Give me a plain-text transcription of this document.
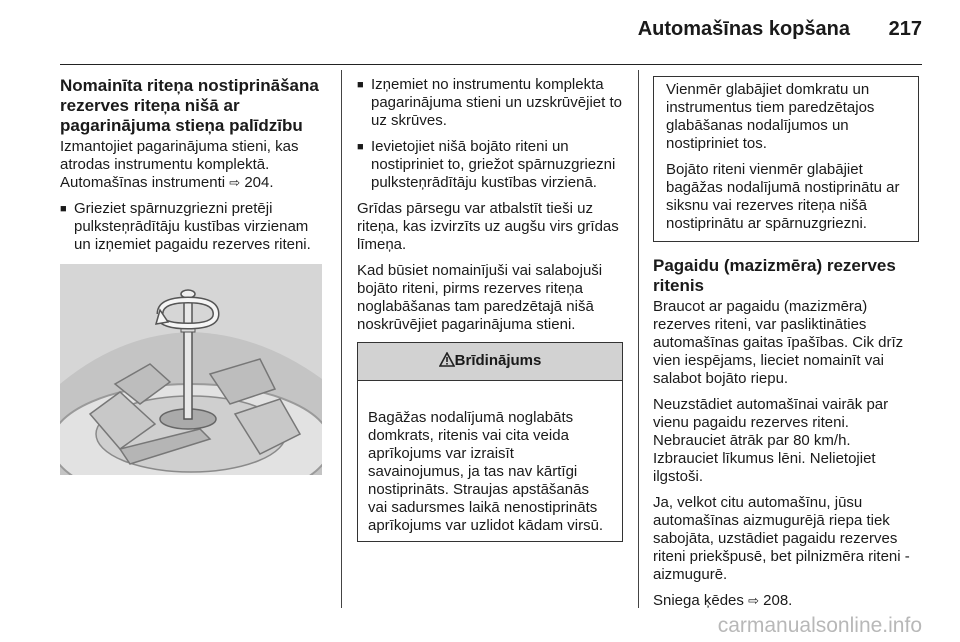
Automašīnas kopšana 217
Nomainīta riteņa nostiprināšana rezerves riteņa nišā ar pagarinājuma stieņa palīdzību

Izmantojiet pagarinājuma stieni, kas atrodas instrumentu komplektā. Automašīnas instrumenti ⇨ 204.

■ Grieziet spārnuzgriezni pretēji pulksteņrādītāju kustības virzienam un izņemiet pagaidu rezerves riteni.
■ Izņemiet no instrumentu komplekta pagarinājuma stieni un uzskrūvējiet to uz skrūves.
■ Ievietojiet nišā bojāto riteni un nostipriniet to, griežot spārnuzgriezni pulksteņrādītāju kustības virzienā.

Grīdas pārsegu var atbalstīt tieši uz riteņa, kas izvirzīts uz augšu virs grīdas līmeņa.

Kad būsiet nomainījuši vai salabojuši bojāto riteni, pirms rezerves riteņa noglabāšanas tam paredzētajā nišā noskrūvējiet pagarinājuma stieni.

Brīdinājums
Bagāžas nodalījumā noglabāts domkrats, ritenis vai cita veida aprīkojums var izraisīt savainojumus, ja tas nav kārtīgi nostiprināts. Straujas apstāšanās vai sadursmes laikā nenostiprināts aprīkojums var uzlidot kādam virsū.

Vienmēr glabājiet domkratu un instrumentus tiem paredzētajos glabāšanas nodalījumos un nostipriniet tos.

Bojāto riteni vienmēr glabājiet bagāžas nodalījumā nostiprinātu ar siksnu vai rezerves riteņa nišā nostiprinātu ar spārnuzgriezni.

Pagaidu (mazizmēra) rezerves ritenis

Braucot ar pagaidu (mazizmēra) rezerves riteni, var pasliktināties automašīnas gaitas īpašības. Cik drīz vien iespējams, lieciet nomainīt vai salabot bojāto riepu.

Neuzstādiet automašīnai vairāk par vienu pagaidu rezerves riteni.

Nebrauciet ātrāk par 80 km/h.

Izbrauciet līkumus lēni. Nelietojiet ilgstoši.

Ja, velkot citu automašīnu, jūsu automašīnas aizmugurējā riepa tiek sabojāta, uzstādiet pagaidu rezerves riteni priekšpusē, bet pilnizmēra riteni - aizmugurē.

Sniega ķēdes ⇨ 208.

carmanualsonline.info
